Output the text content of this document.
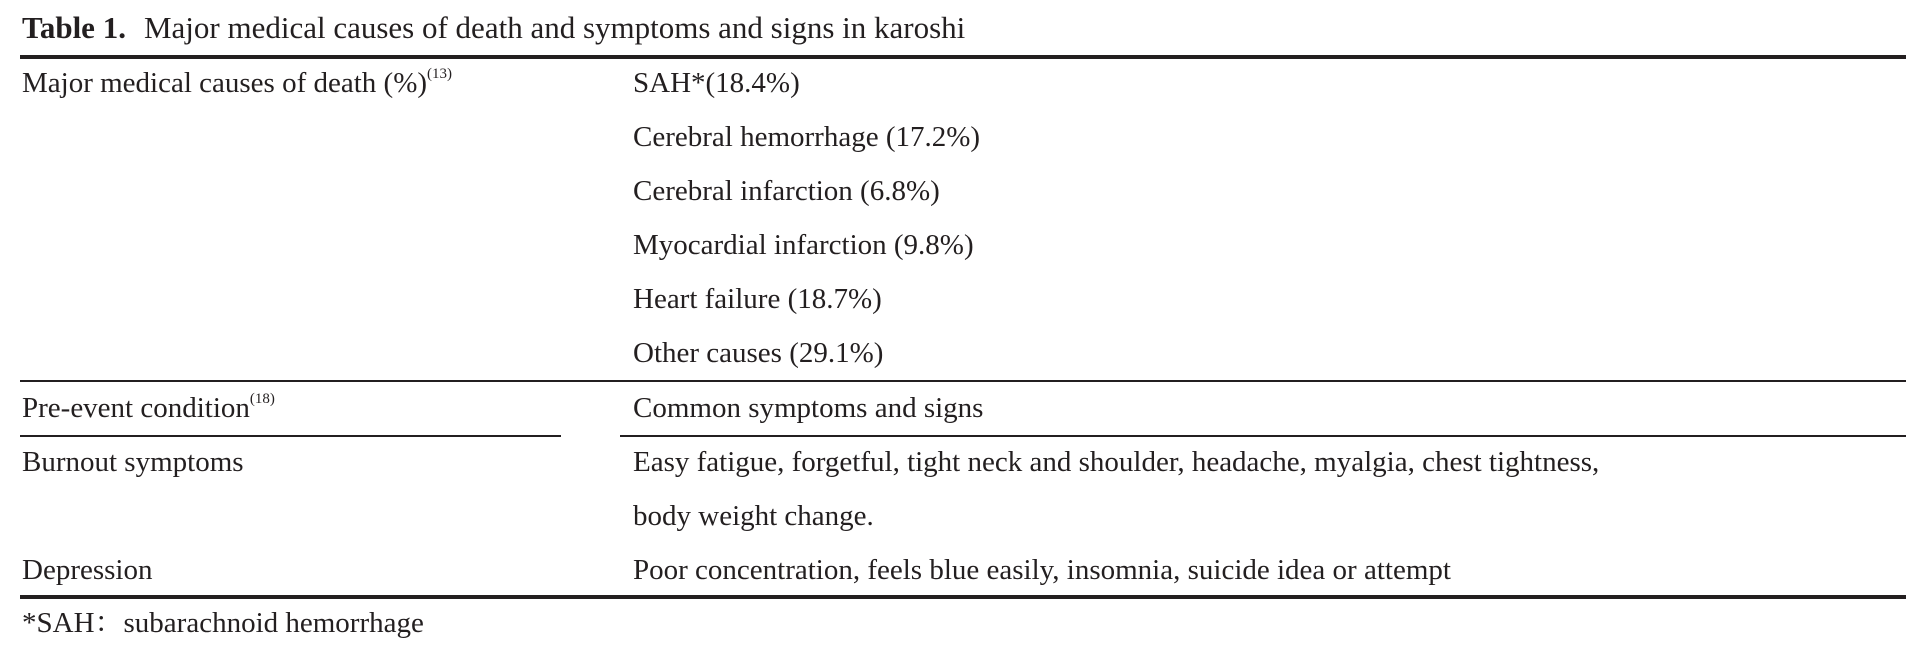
Table 1. Major medical causes of death and symptoms and signs in karoshi
Major medical causes of death (%)$^{(13)}$	SAH*(18.4%)
Cerebral hemorrhage (17.2%)
Cerebral infarction (6.8%)
Myocardial infarction (9.8%)
Heart failure (18.7%)
Other causes (29.1%)
Pre-event condition$^{(18)}$	Common symptoms and signs
Burnout symptoms	Easy fatigue, forgetful, tight neck and shoulder, headache, myalgia, chest tightness,
body weight change.
Depression	Poor concentration, feels blue easily, insomnia, suicide idea or attempt
*SAH：subarachnoid hemorrhage
